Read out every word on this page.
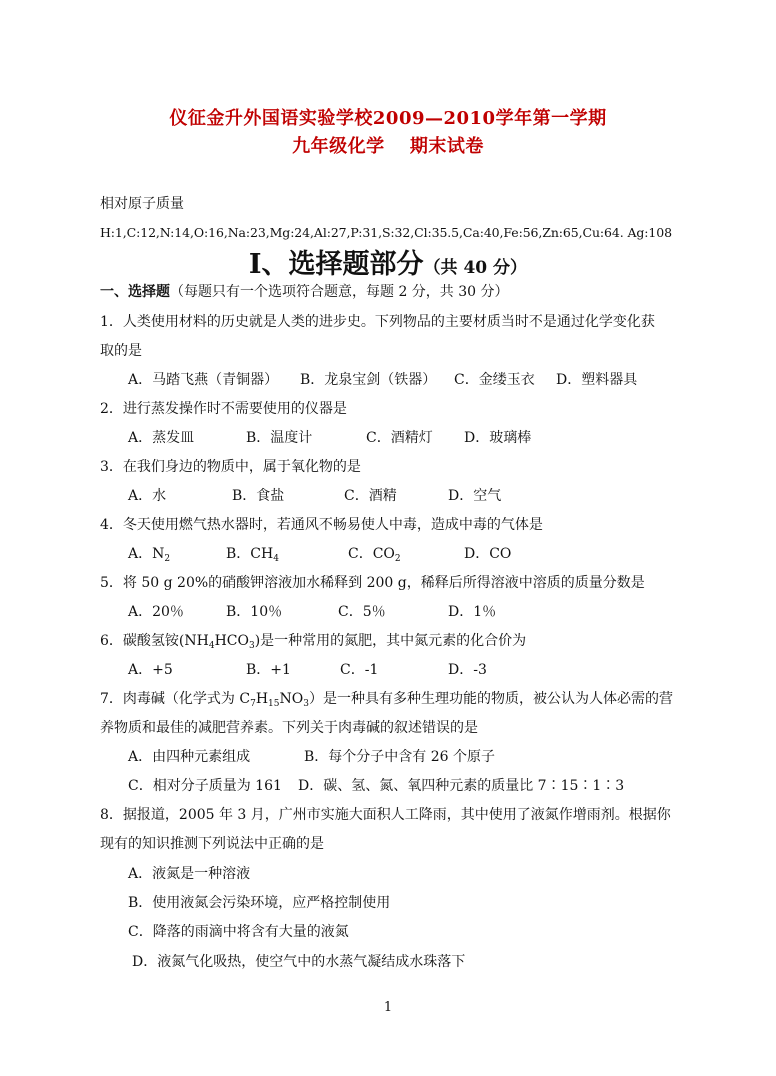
仪征金升外国语实验学校2009—2010学年第一学期
九年级化学　 期末试卷
相对原子质量
H:1,C:12,N:14,O:16,Na:23,Mg:24,Al:27,P:31,S:32,Cl:35.5,Ca:40,Fe:56,Zn:65,Cu:64. Ag:108
I、选择题部分（共 40 分）
一、选择题（每题只有一个选项符合题意，每题 2 分，共 30 分）
1．人类使用材料的历史就是人类的进步史。下列物品的主要材质当时不是通过化学变化获
取的是
A．马踏飞燕（青铜器） B．龙泉宝剑（铁器） C．金缕玉衣 D．塑料器具
2．进行蒸发操作时不需要使用的仪器是
A．蒸发皿	B．温度计	C．酒精灯 D．玻璃棒
3．在我们身边的物质中，属于氧化物的是
A．水	B．食盐	C．酒精	D．空气
4．冬天使用燃气热水器时，若通风不畅易使人中毒，造成中毒的气体是
A．$N_2$	B．$CH_4$	C．$CO_2$	D．CO
5．将 50 g 20%的硝酸钾溶液加水稀释到 200 g，稀释后所得溶液中溶质的质量分数是
A．20％	B．10％	C．5％	D．1％
6．碳酸氢铵$(NH_4HCO_3)$是一种常用的氮肥，其中氮元素的化合价为
A．+5	B．+1	C．-1	D．-3
7．肉毒碱（化学式为 $C_7H_{15}NO_3$）是一种具有多种生理功能的物质，被公认为人体必需的营
养物质和最佳的减肥营养素。下列关于肉毒碱的叙述错误的是
A．由四种元素组成	B．每个分子中含有 26 个原子
C．相对分子质量为 161 D．碳、氢、氮、氧四种元素的质量比 7∶15∶1∶3
8．据报道，2005 年 3 月，广州市实施大面积人工降雨，其中使用了液氮作增雨剂。根据你
现有的知识推测下列说法中正确的是
A．液氮是一种溶液
B．使用液氮会污染环境，应严格控制使用
C．降落的雨滴中将含有大量的液氮
D．液氮气化吸热，使空气中的水蒸气凝结成水珠落下
1
